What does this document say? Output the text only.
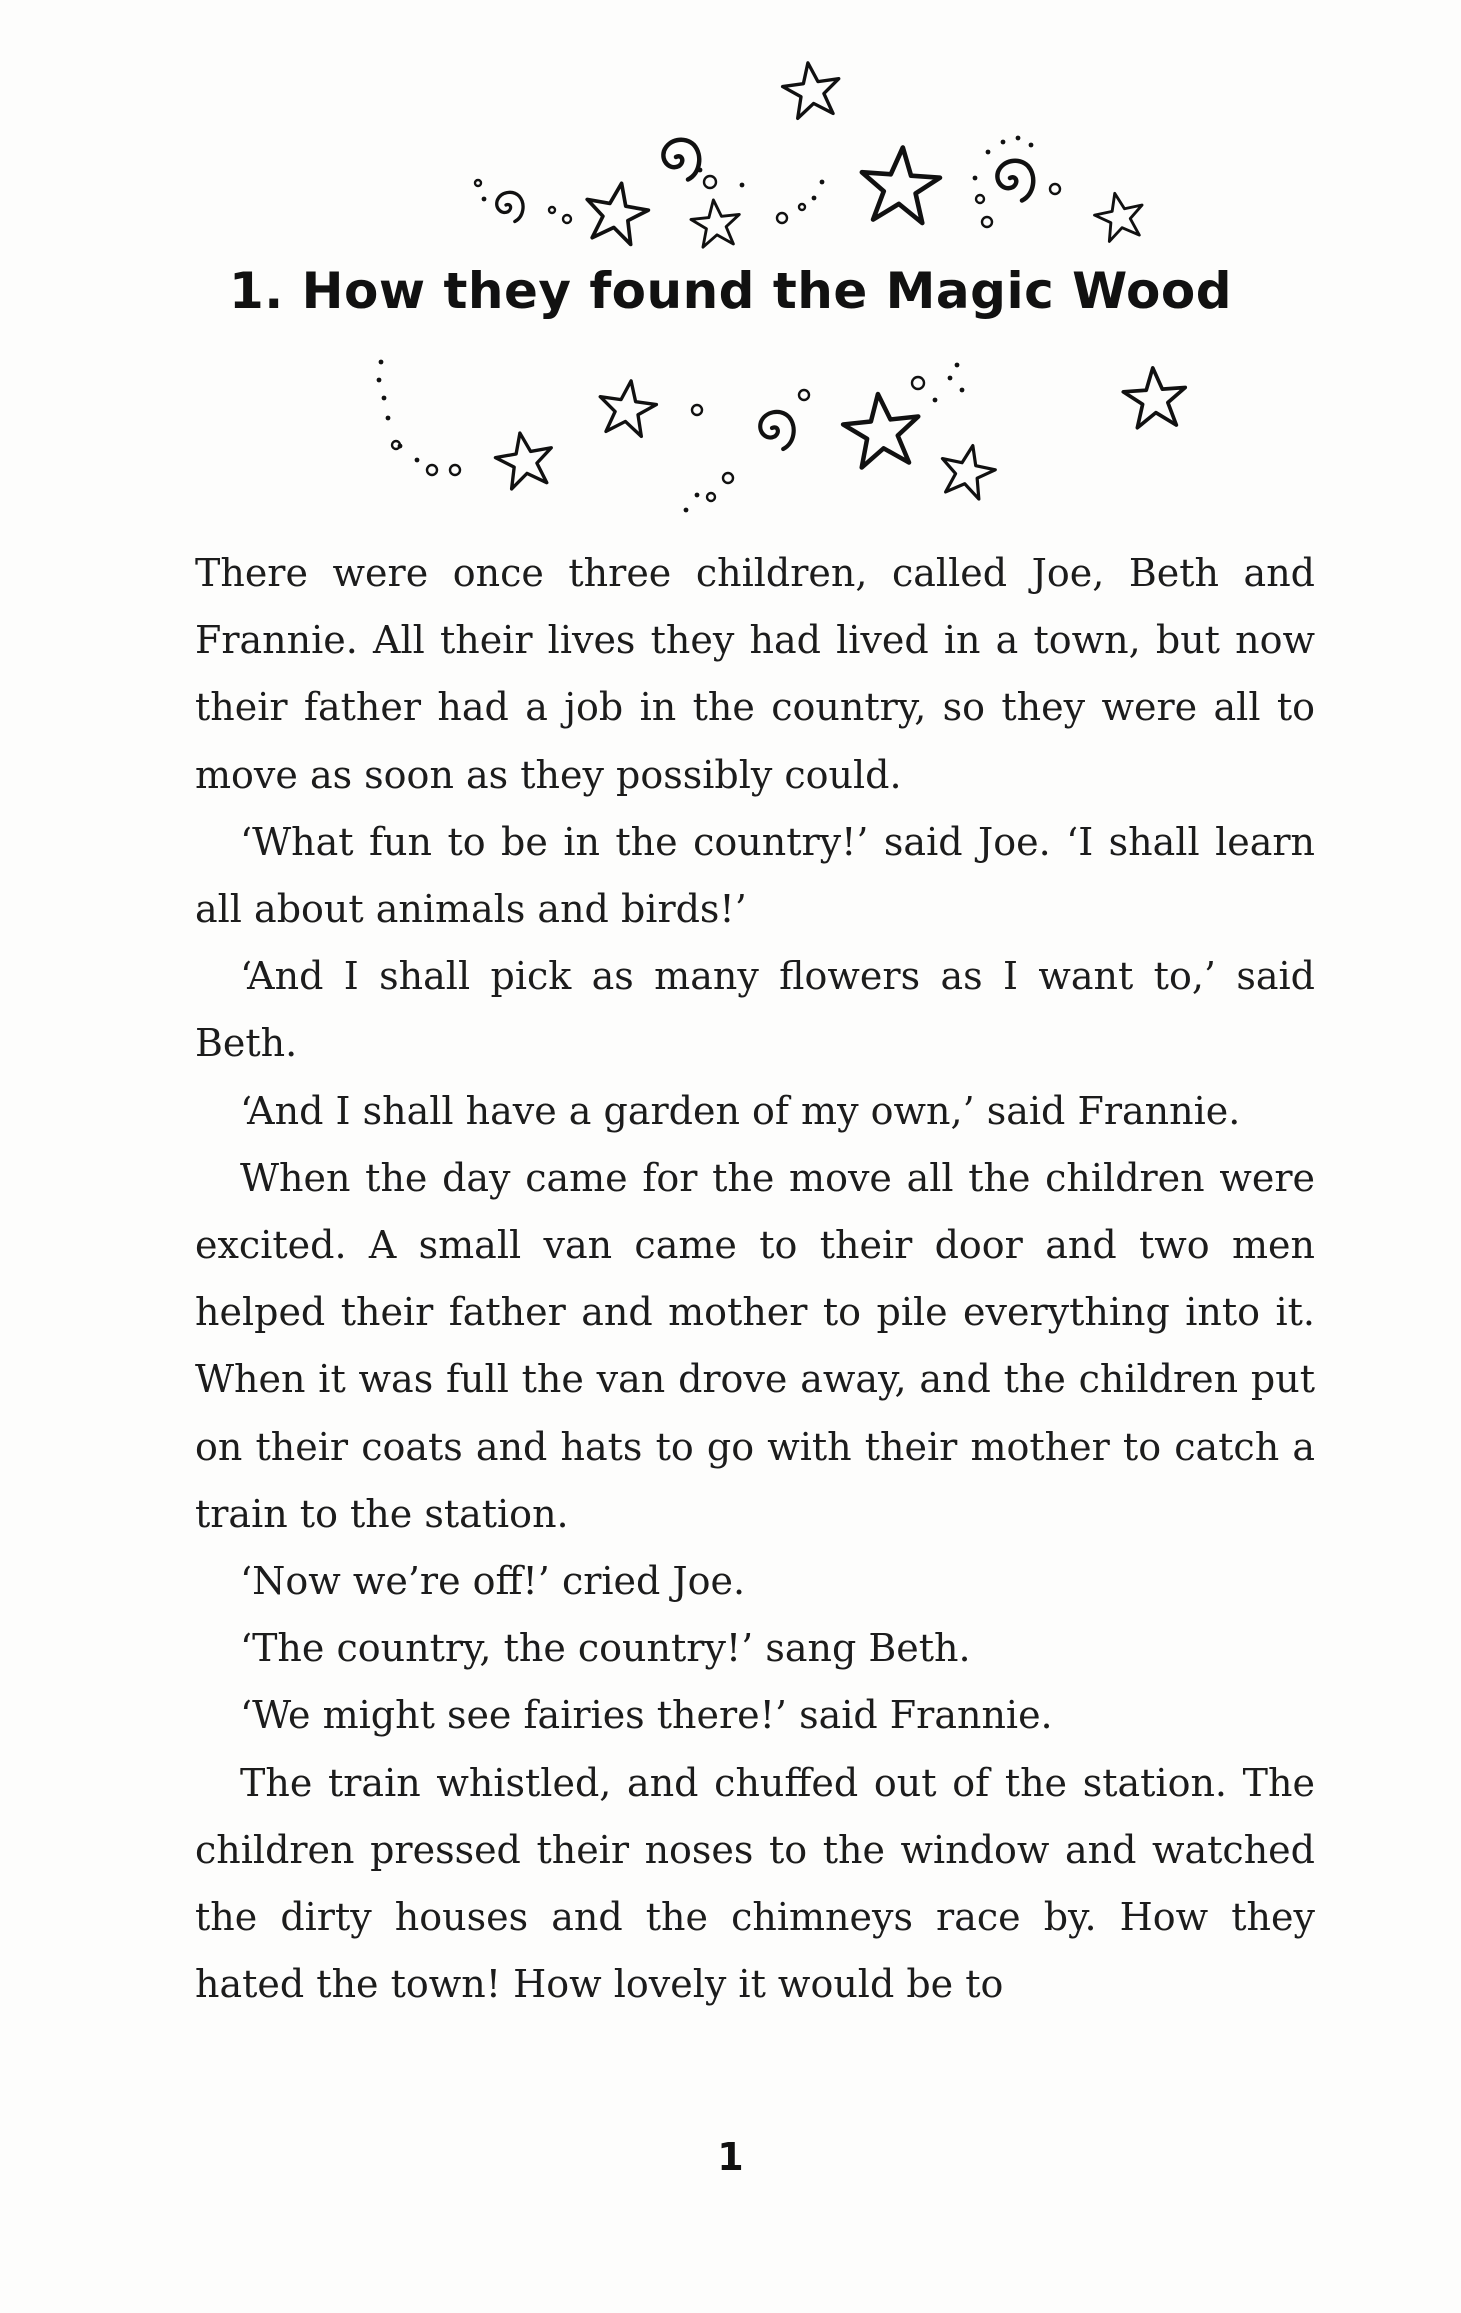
1. How they found the Magic Wood

There were once three children, called Joe, Beth and Frannie. All their lives they had lived in a town, but now their father had a job in the country, so they were all to move as soon as they possibly could.

‘What fun to be in the country!’ said Joe. ‘I shall learn all about animals and birds!’

‘And I shall pick as many flowers as I want to,’ said Beth.

‘And I shall have a garden of my own,’ said Frannie.

When the day came for the move all the children were excited. A small van came to their door and two men helped their father and mother to pile everything into it. When it was full the van drove away, and the children put on their coats and hats to go with their mother to catch a train to the station.

‘Now we’re off!’ cried Joe.

‘The country, the country!’ sang Beth.

‘We might see fairies there!’ said Frannie.

The train whistled, and chuffed out of the station. The children pressed their noses to the window and watched the dirty houses and the chimneys race by. How they hated the town! How lovely it would be to

1
